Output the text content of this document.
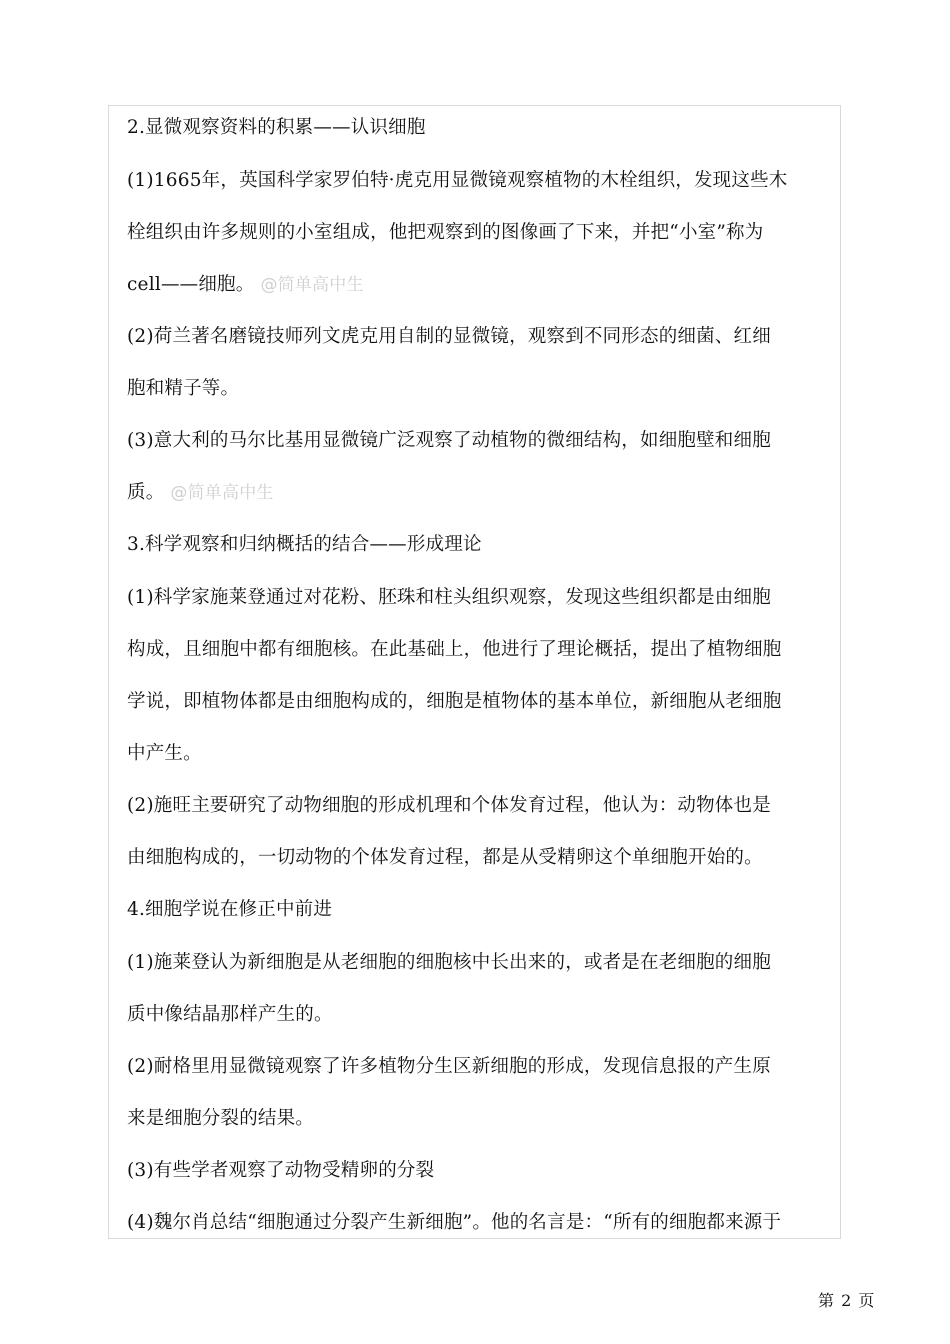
2.显微观察资料的积累——认识细胞
(1)1665年，英国科学家罗伯特·虎克用显微镜观察植物的木栓组织，发现这些木
栓组织由许多规则的小室组成，他把观察到的图像画了下来，并把“小室”称为
cell——细胞。 @简单高中生
(2)荷兰著名磨镜技师列文虎克用自制的显微镜，观察到不同形态的细菌、红细
胞和精子等。
(3)意大利的马尔比基用显微镜广泛观察了动植物的微细结构，如细胞壁和细胞
质。 @简单高中生
3.科学观察和归纳概括的结合——形成理论
(1)科学家施莱登通过对花粉、胚珠和柱头组织观察，发现这些组织都是由细胞
构成，且细胞中都有细胞核。在此基础上，他进行了理论概括，提出了植物细胞
学说，即植物体都是由细胞构成的，细胞是植物体的基本单位，新细胞从老细胞
中产生。
(2)施旺主要研究了动物细胞的形成机理和个体发育过程，他认为：动物体也是
由细胞构成的，一切动物的个体发育过程，都是从受精卵这个单细胞开始的。
4.细胞学说在修正中前进
(1)施莱登认为新细胞是从老细胞的细胞核中长出来的，或者是在老细胞的细胞
质中像结晶那样产生的。
(2)耐格里用显微镜观察了许多植物分生区新细胞的形成，发现信息报的产生原
来是细胞分裂的结果。
(3)有些学者观察了动物受精卵的分裂
(4)魏尔肖总结“细胞通过分裂产生新细胞”。他的名言是：“所有的细胞都来源于
第 2 页
